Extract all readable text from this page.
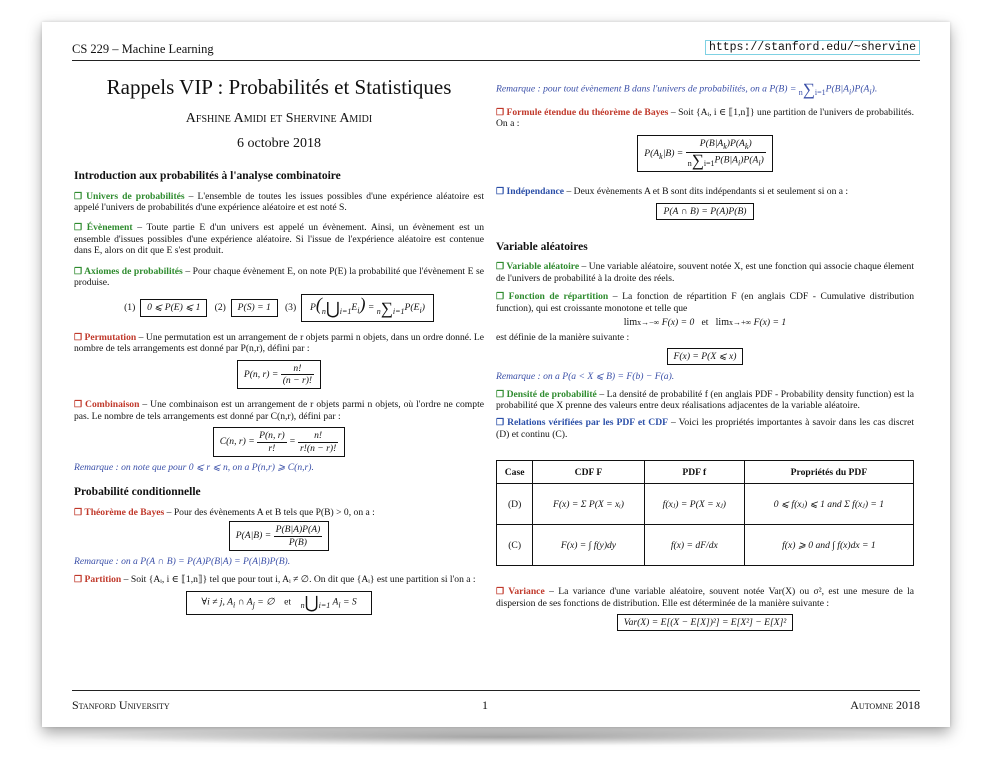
CS 229 – Machine Learning	https://stanford.edu/~shervine
Rappels VIP : Probabilités et Statistiques
Afshine Amidi et Shervine Amidi
6 octobre 2018
Introduction aux probabilités à l'analyse combinatoire

❐ Univers de probabilités – L'ensemble de toutes les issues possibles d'une expérience aléatoire est appelé l'univers de probabilités d'une expérience aléatoire et est noté S.

❐ Évènement – Toute partie E d'un univers est appelé un évènement. Ainsi, un évènement est un ensemble d'issues possibles d'une expérience aléatoire. Si l'issue de l'expérience aléatoire est contenue dans E, alors on dit que E s'est produit.

❐ Axiomes de probabilités – Pour chaque évènement E, on note P(E) la probabilité que l'évènement E se produise.

(1) 0 ⩽ P(E) ⩽ 1 (2) P(S) = 1 (3)  $P(n⋃i=1E_i) = n\sum i=1P(E_i)$

❐ Permutation – Une permutation est un arrangement de r objets parmi n objets, dans un ordre donné. Le nombre de tels arrangements est donné par P(n,r), défini par :

P(n, $r) = \frac{n!}{(n - r)!}$

❐ Combinaison – Une combinaison est un arrangement de r objets parmi n objets, où l'ordre ne compte pas. Le nombre de tels arrangements est donné par C(n,r), défini par :

C(n, $r) = \frac{P(n, r)}{r!} = \frac{n!}{r!(n - r)!}$

Remarque : on note que pour 0 ⩽ r ⩽ n, on a P(n,r) ⩾ C(n,r).

Probabilité conditionnelle

❐ Théorème de Bayes – Pour des évènements A et B tels que P(B) > 0, on a :

$P(A|B) = \frac{P(B|A)P(A)}{P(B)}$

Remarque : on a P(A ∩ B) = P(A)P(B|A) = P(A|B)P(B).

❐ Partition – Soit {Aᵢ, i ∈ ⟦1,n⟧} tel que pour tout i, Aᵢ ≠ ∅. On dit que {Aᵢ} est une partition si l'on a :

∀i ≠ j, $A_i$ ∩ $A_j$ = ∅    et n⋃i=1 $A_i = S$

Remarque : pour tout évènement B dans l'univers de probabilités, on a $P(B) = n\sum i=1P(B|A_i)P(A_i)$.

❐ Formule étendue du théorème de Bayes – Soit {Aᵢ, i ∈ ⟦1,n⟧} une partition de l'univers de probabilités. On a :

$P(A_k|B) = \frac{P(B|A_k)P(A_k)}{n\sum i=1P(B|A_i)P(A_i)}$

❐ Indépendance – Deux évènements A et B sont dits indépendants si et seulement si on a :

P(A ∩ B) = P(A)P(B)
Variable aléatoires

❐ Variable aléatoire – Une variable aléatoire, souvent notée X, est une fonction qui associe chaque élement de l'univers de probabilité à la droite des réels.

❐ Fonction de répartition – La fonction de répartition F (en anglais CDF - Cumulative distribution function), qui est croissante monotone et telle que

limx→−∞ F(x) = 0   et limx→+∞ F(x) = 1

est définie de la manière suivante :

F(x) = P(X ⩽ x)

Remarque : on a P(a < X ⩽ B) = F(b) − F(a).

❐ Densité de probabilité – La densité de probabilité f (en anglais PDF - Probability density function) est la probabilité que X prenne des valeurs entre deux réalisations adjacentes de la variable aléatoire.

❐ Relations vérifiées par les PDF et CDF – Voici les propriétés importantes à savoir dans les cas discret (D) et continu (C).

Case	CDF F	PDF f	Propriétés du PDF
(D)	F(x) = Σ P(X = xᵢ)	f(xⱼ) = P(X = xⱼ)	0 ⩽ f(xⱼ) ⩽ 1 and Σ f(xⱼ) = 1
(C)	F(x) = ∫ f(y)dy	f(x) = dF/dx	f(x) ⩾ 0 and ∫ f(x)dx = 1

❐ Variance – La variance d'une variable aléatoire, souvent notée Var(X) ou σ², est une mesure de la dispersion de ses fonctions de distribution. Elle est déterminée de la manière suivante :

Var(X) = E[(X − E[X])²] = E[X²] − E[X]²
Stanford University	1	Automne 2018
